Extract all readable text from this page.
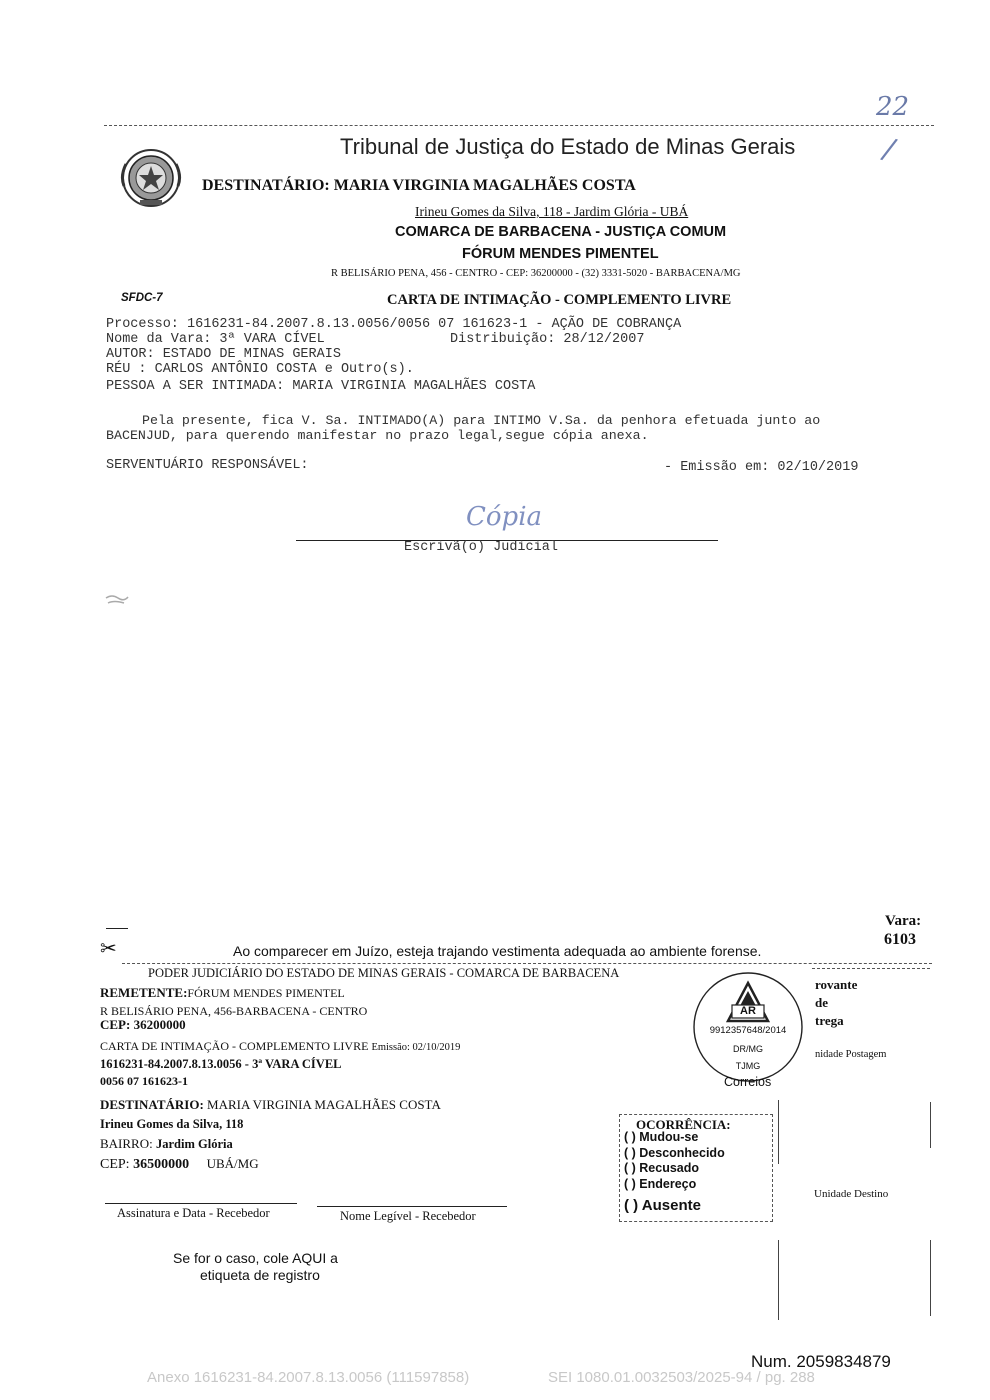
22
/
Tribunal de Justiça do Estado de Minas Gerais
DESTINATÁRIO: MARIA VIRGINIA MAGALHÃES COSTA
Irineu Gomes da Silva, 118 - Jardim Glória - UBÁ
COMARCA DE BARBACENA - JUSTIÇA COMUM
FÓRUM MENDES PIMENTEL
R BELISÁRIO PENA, 456 - CENTRO - CEP: 36200000 - (32) 3331-5020 - BARBACENA/MG
SFDC-7	CARTA DE INTIMAÇÃO - COMPLEMENTO LIVRE
Processo: 1616231-84.2007.8.13.0056/0056 07 161623-1 - AÇÃO DE COBRANÇA
Nome da Vara: 3ª VARA CÍVEL	Distribuição: 28/12/2007
AUTOR: ESTADO DE MINAS GERAIS
RÉU : CARLOS ANTÔNIO COSTA e Outro(s).
PESSOA A SER INTIMADA: MARIA VIRGINIA MAGALHÃES COSTA
Pela presente, fica V. Sa. INTIMADO(A) para INTIMO V.Sa. da penhora efetuada junto ao
BACENJUD, para querendo manifestar no prazo legal,segue cópia anexa.
SERVENTUÁRIO RESPONSÁVEL:	- Emissão em: 02/10/2019
Cópia
Escrivã(o) Judicial
Vara:
6103
✂	Ao comparecer em Juízo, esteja trajando vestimenta adequada ao ambiente forense.
PODER JUDICIÁRIO DO ESTADO DE MINAS GERAIS - COMARCA DE BARBACENA
REMETENTE:FÓRUM MENDES PIMENTEL
R BELISÁRIO PENA, 456-BARBACENA - CENTRO
CEP: 36200000
CARTA DE INTIMAÇÃO - COMPLEMENTO LIVRE Emissão: 02/10/2019
1616231-84.2007.8.13.0056 - 3ª VARA CÍVEL
0056 07 161623-1
DESTINATÁRIO: MARIA VIRGINIA MAGALHÃES COSTA
Irineu Gomes da Silva, 118
BAIRRO: Jardim Glória
CEP: 36500000 UBÁ/MG
Assinatura e Data - Recebedor	Nome Legível - Recebedor
Se for o caso, cole AQUI a
etiqueta de registro
AR
9912357648/2014
DR/MG
TJMG
Correios
rovante
de
trega
nidade Postagem
Unidade Destino
OCORRÊNCIA:
( ) Mudou-se
( ) Desconhecido
( ) Recusado
( ) Endereço
( ) Ausente
Num. 2059834879
Anexo 1616231-84.2007.8.13.0056 (111597858)	SEI 1080.01.0032503/2025-94 / pg. 288
